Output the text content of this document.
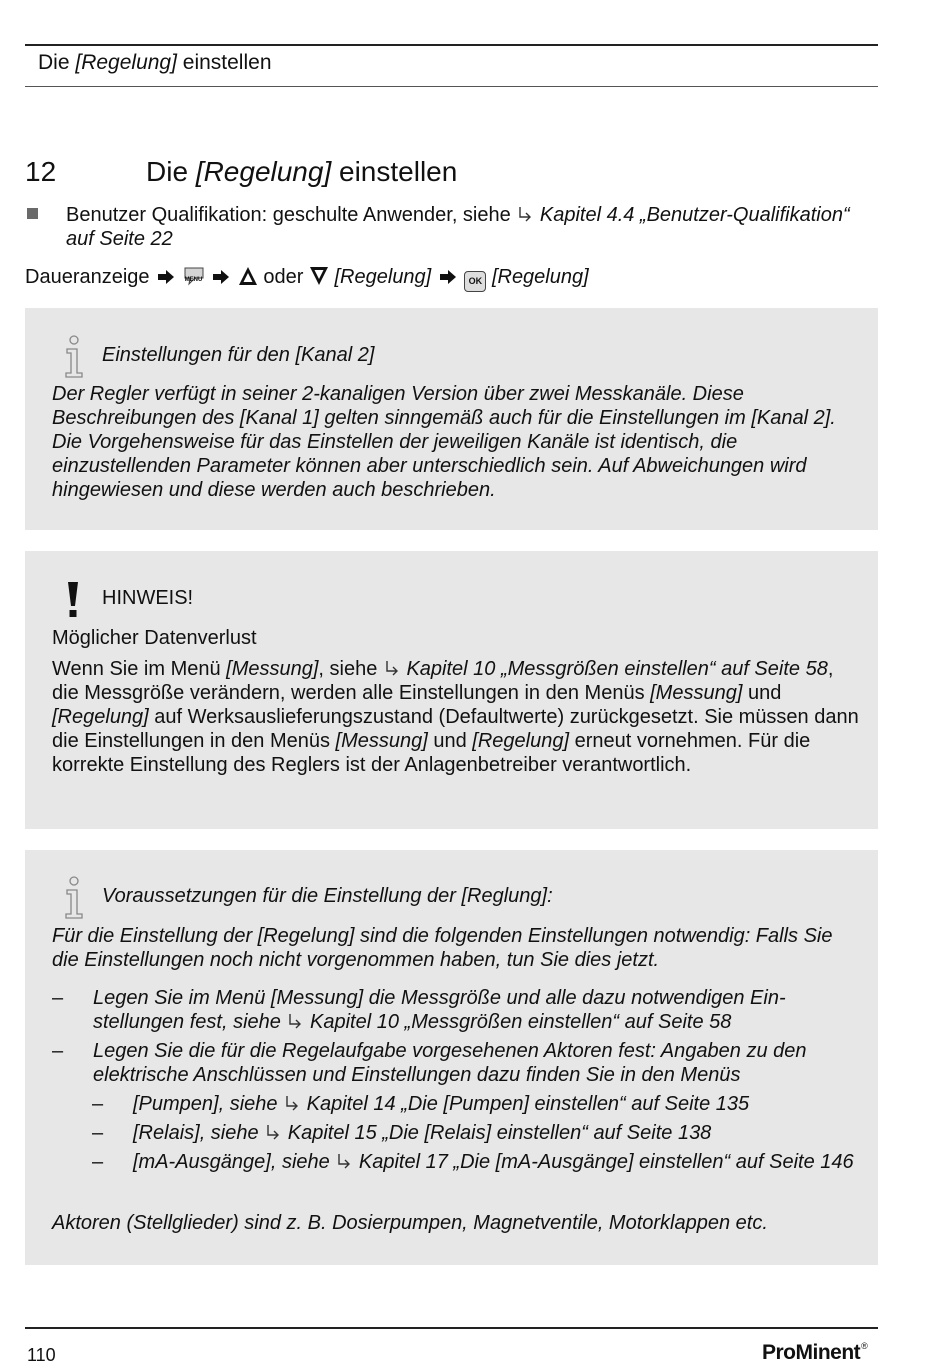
Die [Regelung] einstellen
12	Die [Regelung] einstellen
Benutzer Qualifikation: geschulte Anwender, siehe  Kapitel 4.4 „Benutzer-Qualifikation“ auf Seite 22
Daueranzeige	MENU	oder  [Regelung]	OK [Regelung]
Einstellungen für den [Kanal 2]
Der Regler verfügt in seiner 2-kanaligen Version über zwei Messkanäle. Diese Beschreibungen des [Kanal 1] gelten sinngemäß auch für die Einstellungen im [Kanal 2]. Die Vorgehensweise für das Einstellen der jeweiligen Kanäle ist identisch, die einzustellenden Parameter können aber unterschiedlich sein. Auf Abweichungen wird hingewiesen und diese werden auch beschrieben.
HINWEIS!
Möglicher Datenverlust
Wenn Sie im Menü [Messung], siehe  Kapitel 10 „Messgrößen einstellen“ auf Seite 58, die Messgröße verändern, werden alle Einstellungen in den Menüs [Messung] und [Regelung] auf Werksauslieferungszustand (Defaultwerte) zurückgesetzt. Sie müssen dann die Einstellungen in den Menüs [Messung] und [Regelung] erneut vornehmen. Für die korrekte Einstellung des Reglers ist der Anlagenbetreiber verantwortlich.
Voraussetzungen für die Einstellung der [Reglung]:
Für die Einstellung der [Regelung] sind die folgenden Einstellungen notwendig: Falls Sie die Einstellungen noch nicht vorgenommen haben, tun Sie dies jetzt.
– Legen Sie im Menü [Messung] die Messgröße und alle dazu notwendigen Einstellungen fest, siehe  Kapitel 10 „Messgrößen einstellen“ auf Seite 58
– Legen Sie die für die Regelaufgabe vorgesehenen Aktoren fest: Angaben zu den elektrische Anschlüssen und Einstellungen dazu finden Sie in den Menüs
– [Pumpen], siehe  Kapitel 14 „Die [Pumpen] einstellen“ auf Seite 135
– [Relais], siehe  Kapitel 15 „Die [Relais] einstellen“ auf Seite 138
– [mA-Ausgänge], siehe  Kapitel 17 „Die [mA-Ausgänge] einstellen“ auf Seite 146
Aktoren (Stellglieder) sind z. B. Dosierpumpen, Magnetventile, Motorklappen etc.
110	ProMinent®
